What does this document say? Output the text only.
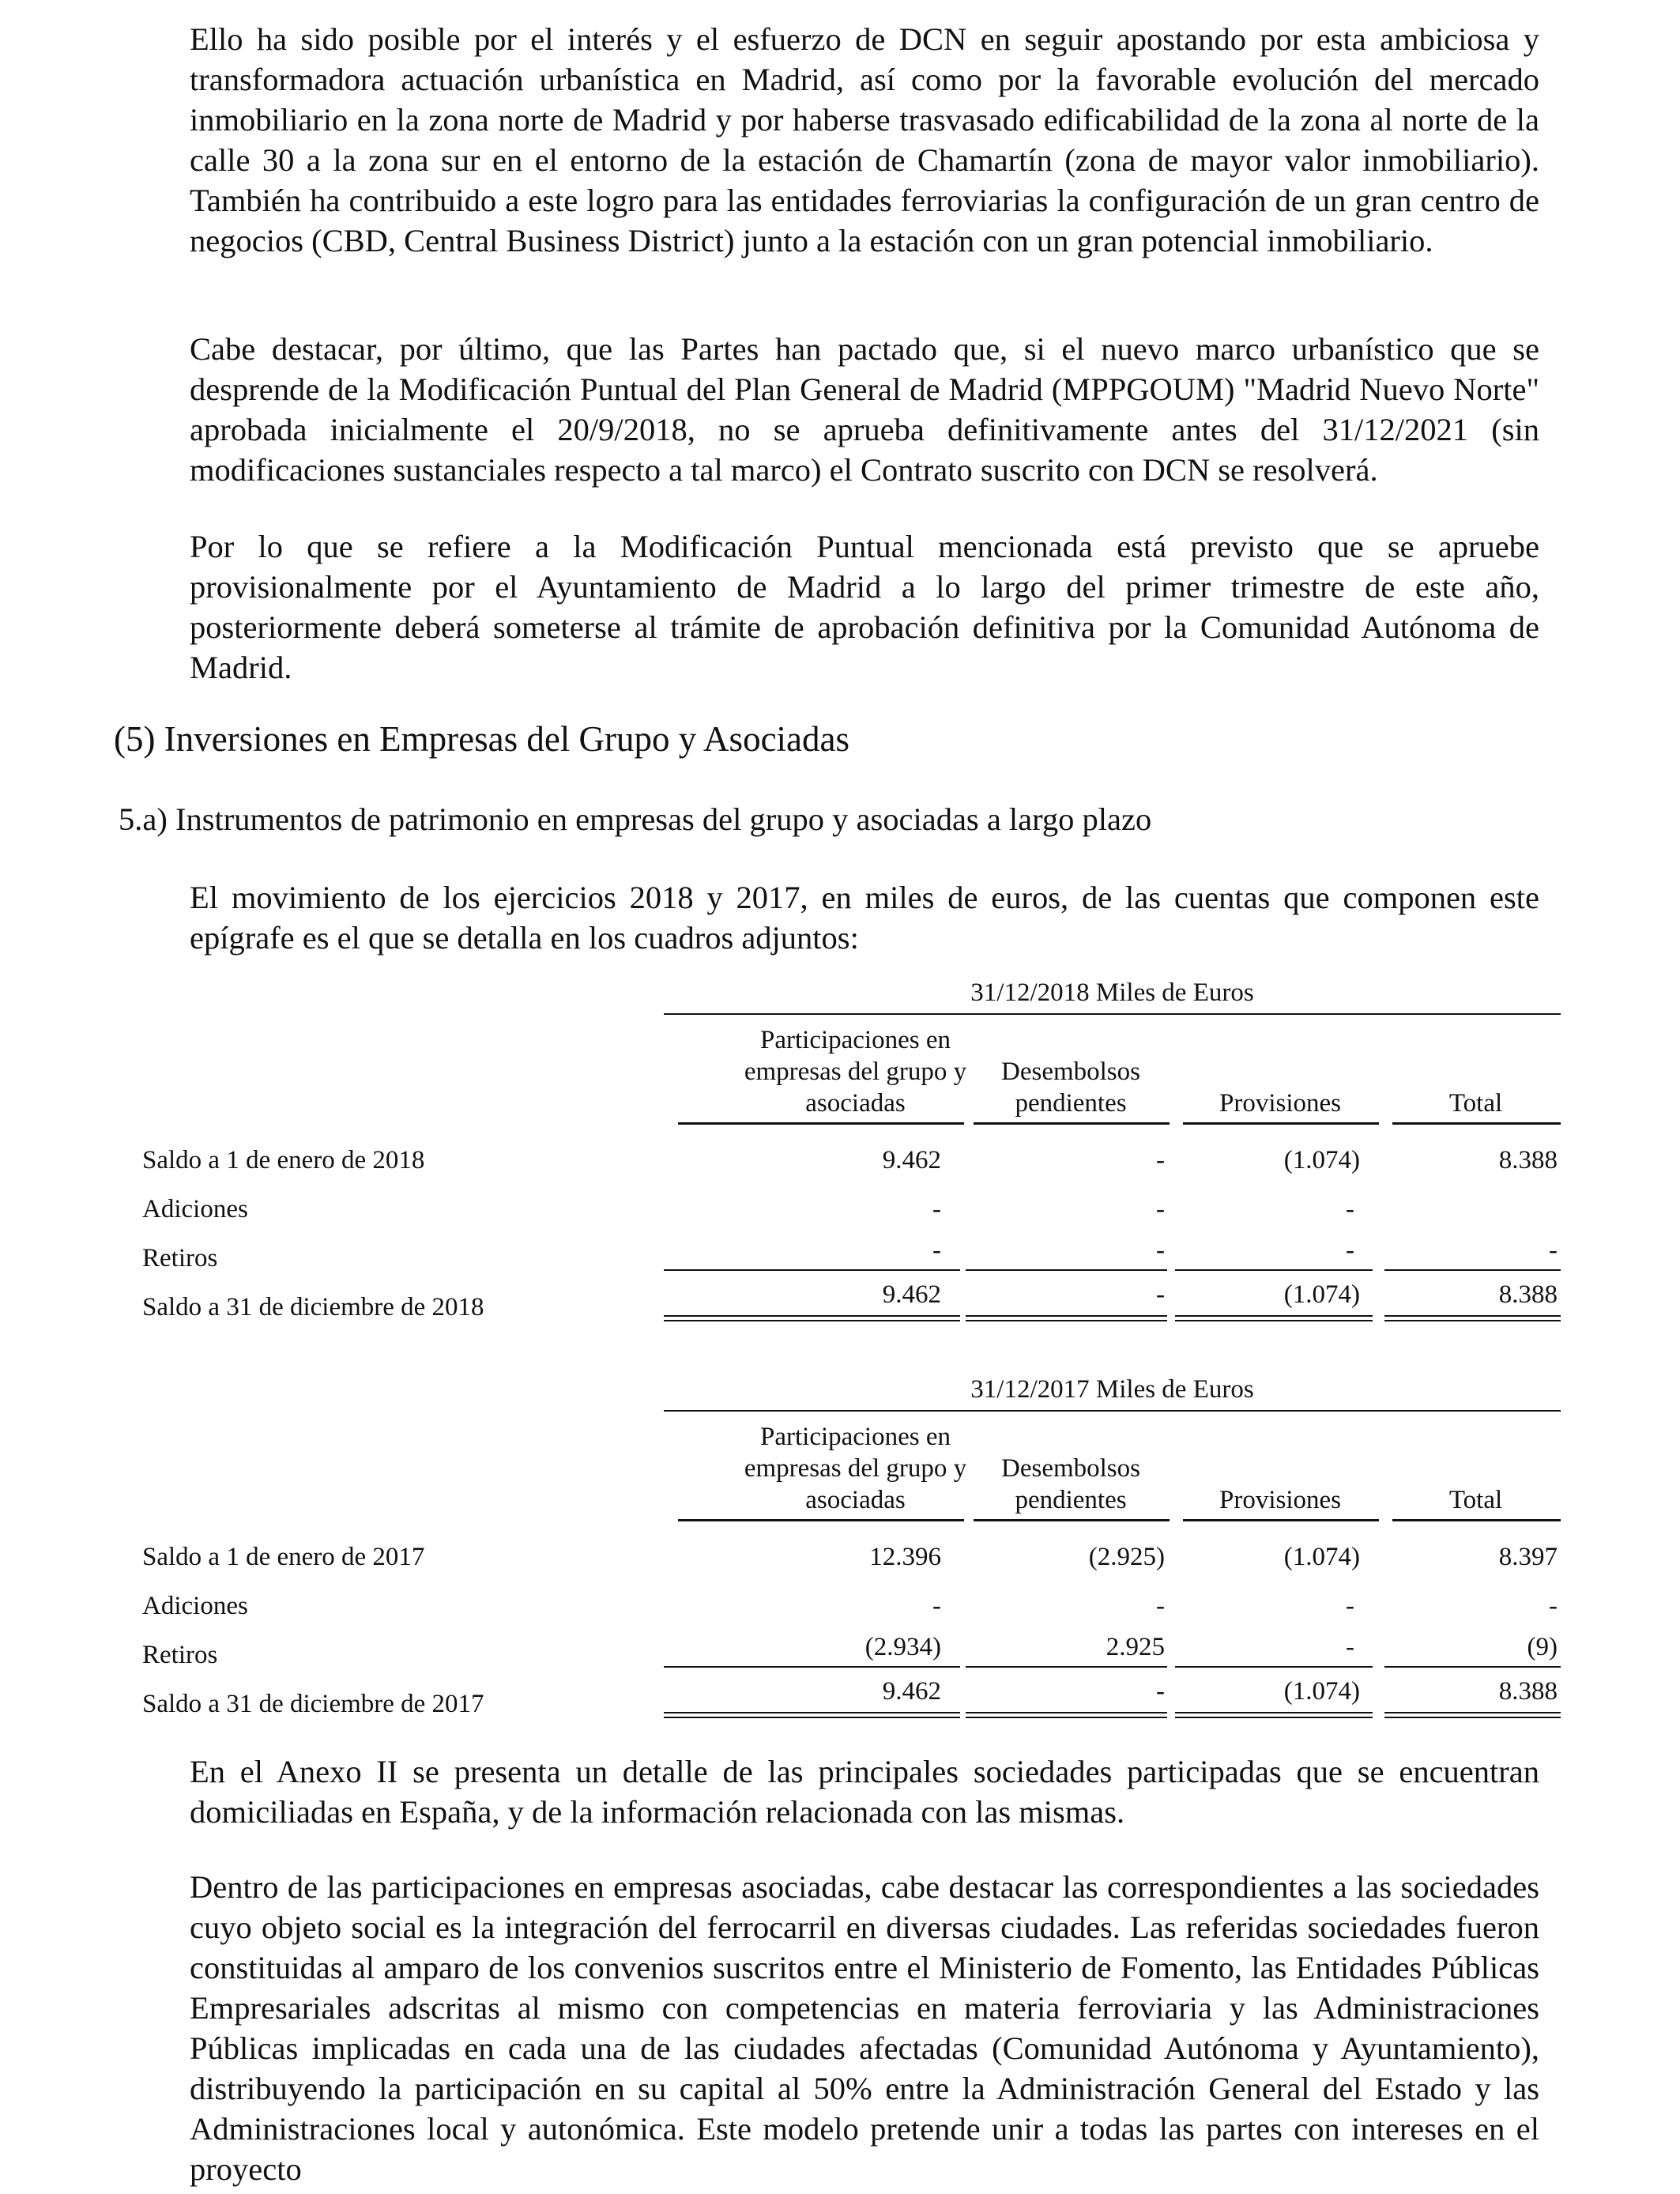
Ello ha sido posible por el interés y el esfuerzo de DCN en seguir apostando por esta ambiciosa y transformadora actuación urbanística en Madrid, así como por la favorable evolución del mercado inmobiliario en la zona norte de Madrid y por haberse trasvasado edificabilidad de la zona al norte de la calle 30 a la zona sur en el entorno de la estación de Chamartín (zona de mayor valor inmobiliario). También ha contribuido a este logro para las entidades ferroviarias la configuración de un gran centro de negocios (CBD, Central Business District) junto a la estación con un gran potencial inmobiliario.

Cabe destacar, por último, que las Partes han pactado que, si el nuevo marco urbanístico que se desprende de la Modificación Puntual del Plan General de Madrid (MPPGOUM) "Madrid Nuevo Norte" aprobada inicialmente el 20/9/2018, no se aprueba definitivamente antes del 31/12/2021 (sin modificaciones sustanciales respecto a tal marco) el Contrato suscrito con DCN se resolverá.

Por lo que se refiere a la Modificación Puntual mencionada está previsto que se apruebe provisionalmente por el Ayuntamiento de Madrid a lo largo del primer trimestre de este año, posteriormente deberá someterse al trámite de aprobación definitiva por la Comunidad Autónoma de Madrid.

(5) Inversiones en Empresas del Grupo y Asociadas
5.a) Instrumentos de patrimonio en empresas del grupo y asociadas a largo plazo

El movimiento de los ejercicios 2018 y 2017, en miles de euros, de las cuentas que componen este epígrafe es el que se detalla en los cuadros adjuntos:

31/12/2018 Miles de Euros
Participaciones en
empresas del grupo y
asociadas
Desembolsos
pendientes	Provisiones	Total
Saldo a 1 de enero de 2018	9.462	-	(1.074)	8.388
Adiciones	-	-	-
Retiros	-	-	-	-
Saldo a 31 de diciembre de 2018	9.462	-	(1.074)	8.388
31/12/2017 Miles de Euros
Participaciones en
empresas del grupo y
asociadas
Desembolsos
pendientes	Provisiones	Total
Saldo a 1 de enero de 2017	12.396	(2.925)	(1.074)	8.397
Adiciones	-	-	-	-
Retiros	(2.934)	2.925	-	(9)
Saldo a 31 de diciembre de 2017	9.462	-	(1.074)	8.388

En el Anexo II se presenta un detalle de las principales sociedades participadas que se encuentran domiciliadas en España, y de la información relacionada con las mismas.

Dentro de las participaciones en empresas asociadas, cabe destacar las correspondientes a las sociedades cuyo objeto social es la integración del ferrocarril en diversas ciudades. Las referidas sociedades fueron constituidas al amparo de los convenios suscritos entre el Ministerio de Fomento, las Entidades Públicas Empresariales adscritas al mismo con competencias en materia ferroviaria y las Administraciones Públicas implicadas en cada una de las ciudades afectadas (Comunidad Autónoma y Ayuntamiento), distribuyendo la participación en su capital al 50% entre la Administración General del Estado y las Administraciones local y autonómica. Este modelo pretende unir a todas las partes con intereses en el proyecto
